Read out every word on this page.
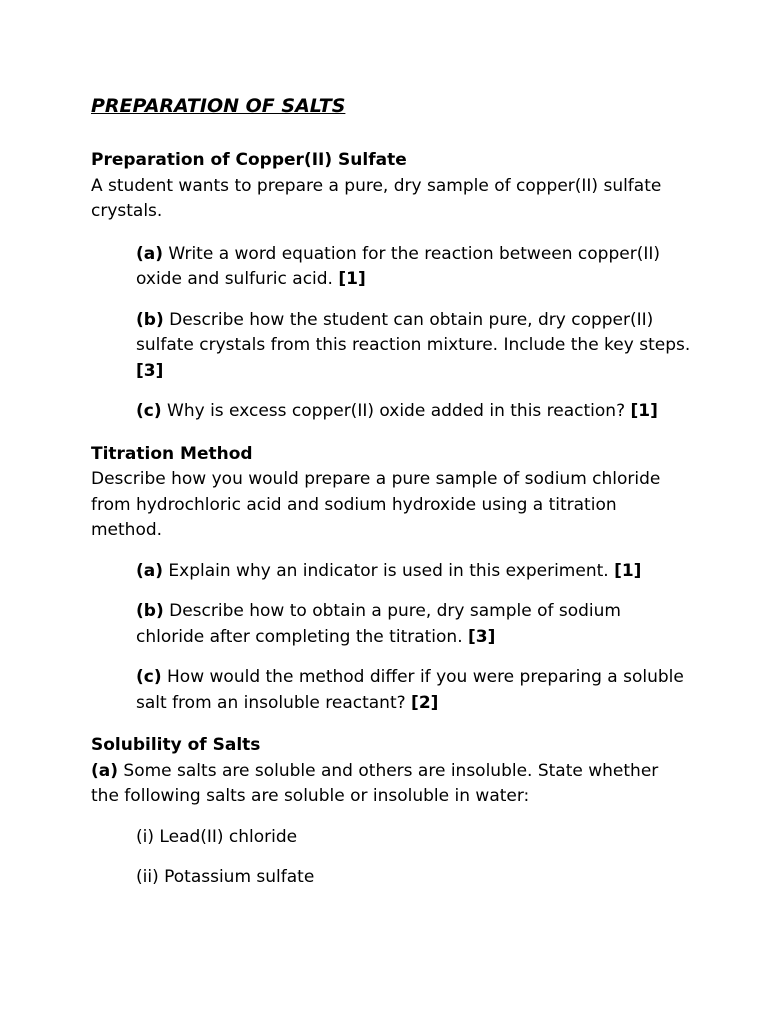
PREPARATION OF SALTS
Preparation of Copper(II) Sulfate
A student wants to prepare a pure, dry sample of copper(II) sulfate crystals.
(a) Write a word equation for the reaction between copper(II) oxide and sulfuric acid. [1]
(b) Describe how the student can obtain pure, dry copper(II) sulfate crystals from this reaction mixture. Include the key steps. [3]
(c) Why is excess copper(II) oxide added in this reaction? [1]
Titration Method
Describe how you would prepare a pure sample of sodium chloride from hydrochloric acid and sodium hydroxide using a titration method.
(a) Explain why an indicator is used in this experiment. [1]
(b) Describe how to obtain a pure, dry sample of sodium chloride after completing the titration. [3]
(c) How would the method differ if you were preparing a soluble salt from an insoluble reactant? [2]
Solubility of Salts
(a) Some salts are soluble and others are insoluble. State whether the following salts are soluble or insoluble in water:
(i) Lead(II) chloride
(ii) Potassium sulfate
